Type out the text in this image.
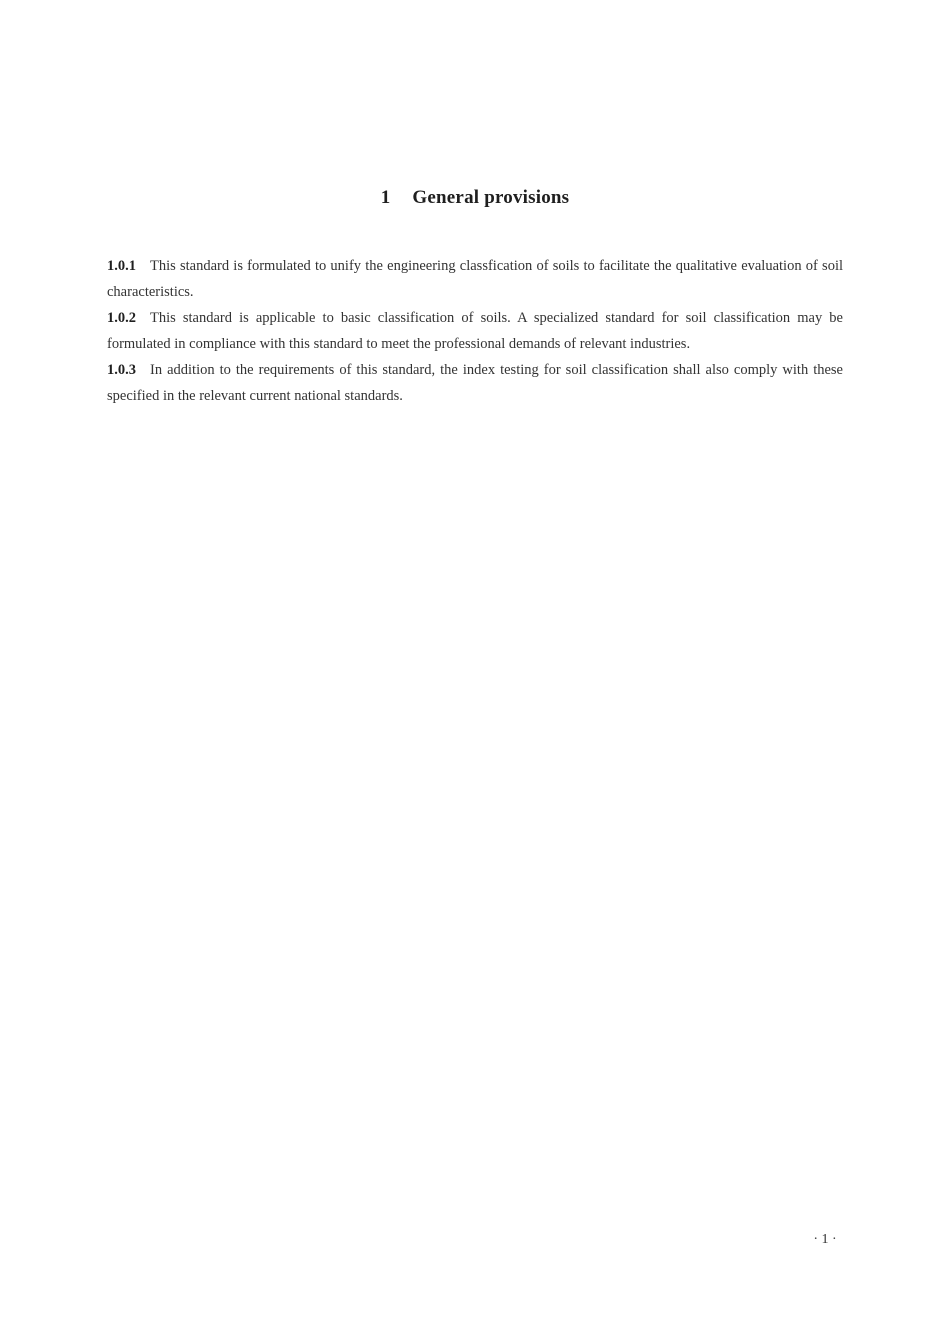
1 General provisions

1.0.1 This standard is formulated to unify the engineering classfication of soils to facilitate the qualitative evaluation of soil characteristics.

1.0.2 This standard is applicable to basic classification of soils. A specialized standard for soil classification may be formulated in compliance with this standard to meet the professional demands of relevant industries.

1.0.3 In addition to the requirements of this standard, the index testing for soil classification shall also comply with these specified in the relevant current national standards.

· 1 ·
